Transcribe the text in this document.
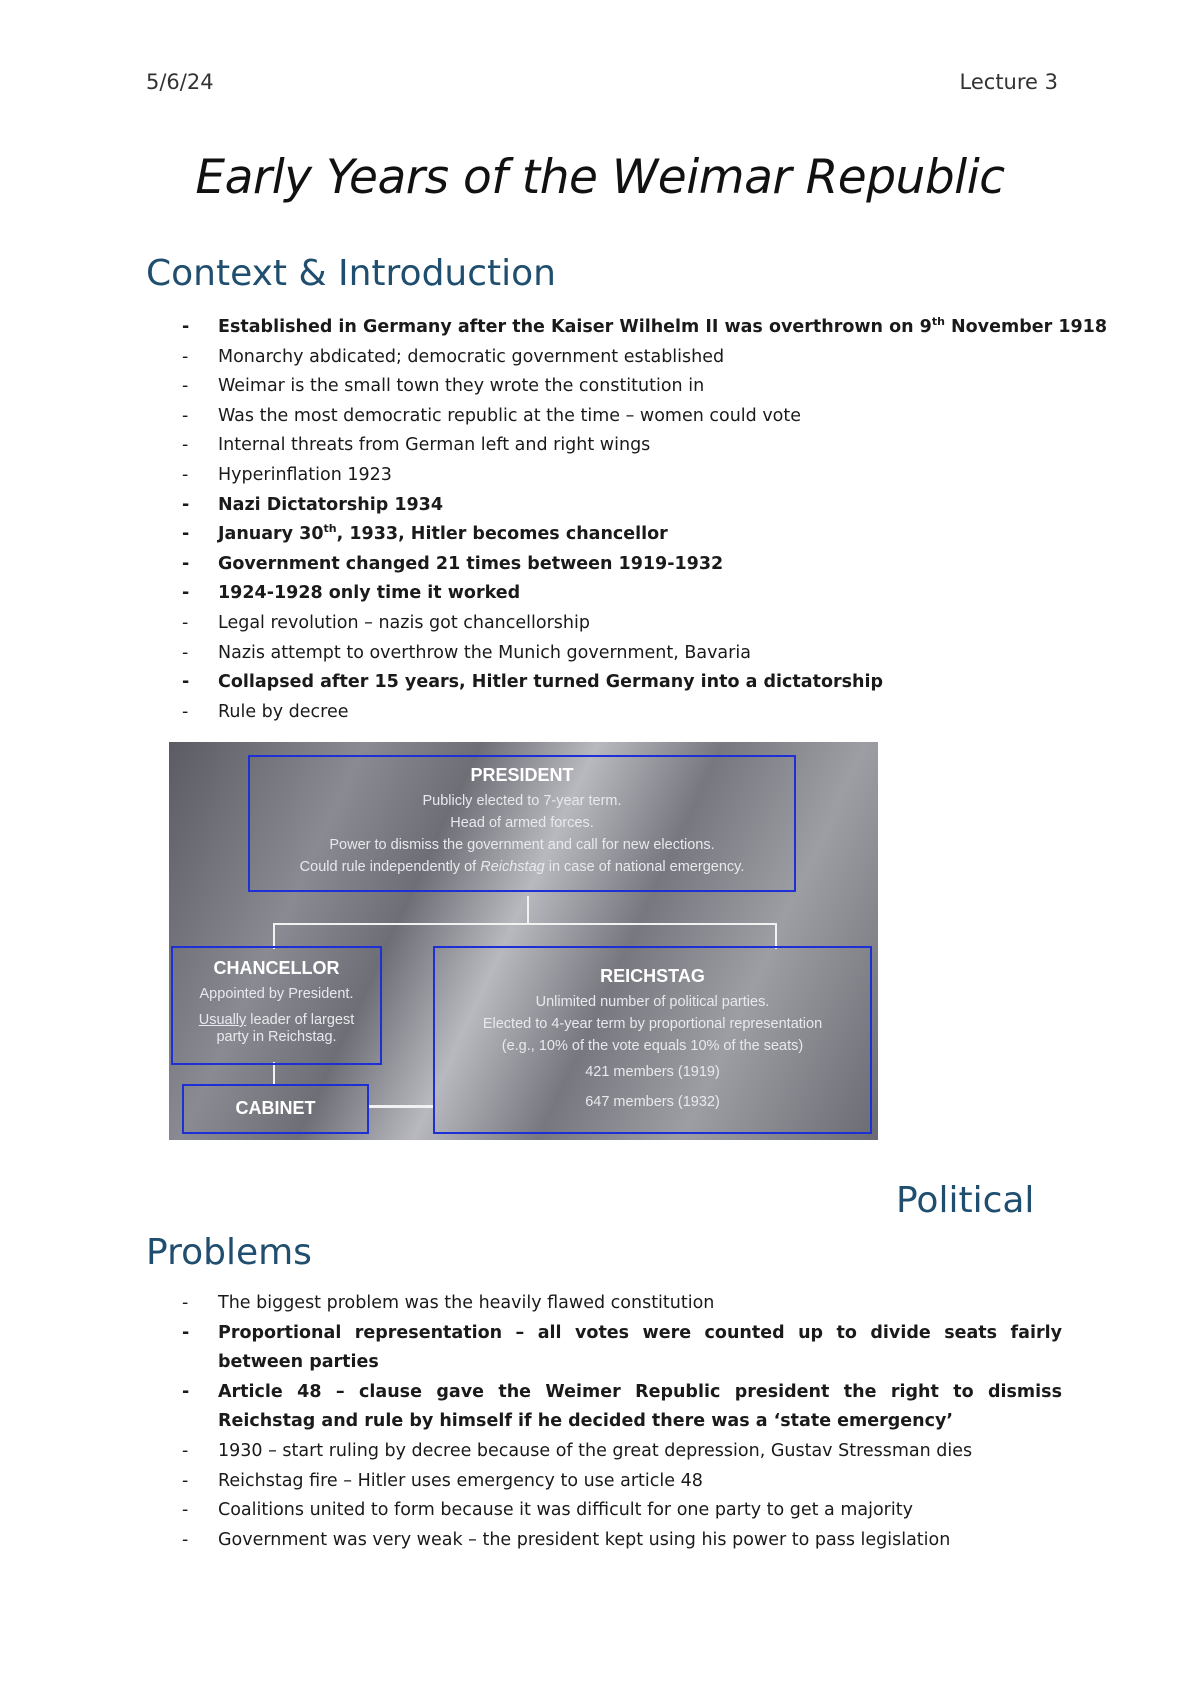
5/6/24	Lecture 3
Early Years of the Weimar Republic
Context & Introduction
- Established in Germany after the Kaiser Wilhelm II was overthrown on 9th November 1918
- Monarchy abdicated; democratic government established
- Weimar is the small town they wrote the constitution in
- Was the most democratic republic at the time – women could vote
- Internal threats from German left and right wings
- Hyperinflation 1923
- Nazi Dictatorship 1934
- January 30th, 1933, Hitler becomes chancellor
- Government changed 21 times between 1919-1932
- 1924-1928 only time it worked
- Legal revolution – nazis got chancellorship
- Nazis attempt to overthrow the Munich government, Bavaria
- Collapsed after 15 years, Hitler turned Germany into a dictatorship
- Rule by decree
PRESIDENT
Publicly elected to 7-year term.
Head of armed forces.
Power to dismiss the government and call for new elections.
Could rule independently of Reichstag in case of national emergency.
CHANCELLOR
Appointed by President.
Usually leader of largest
party in Reichstag.
REICHSTAG
Unlimited number of political parties.
Elected to 4-year term by proportional representation
(e.g., 10% of the vote equals 10% of the seats)
421 members (1919)
647 members (1932)
CABINET
Political
Problems
- The biggest problem was the heavily flawed constitution
- Proportional representation – all votes were counted up to divide seats fairly between parties
- Article 48 – clause gave the Weimer Republic president the right to dismiss Reichstag and rule by himself if he decided there was a ‘state emergency’
- 1930 – start ruling by decree because of the great depression, Gustav Stressman dies
- Reichstag fire – Hitler uses emergency to use article 48
- Coalitions united to form because it was difficult for one party to get a majority
- Government was very weak – the president kept using his power to pass legislation
